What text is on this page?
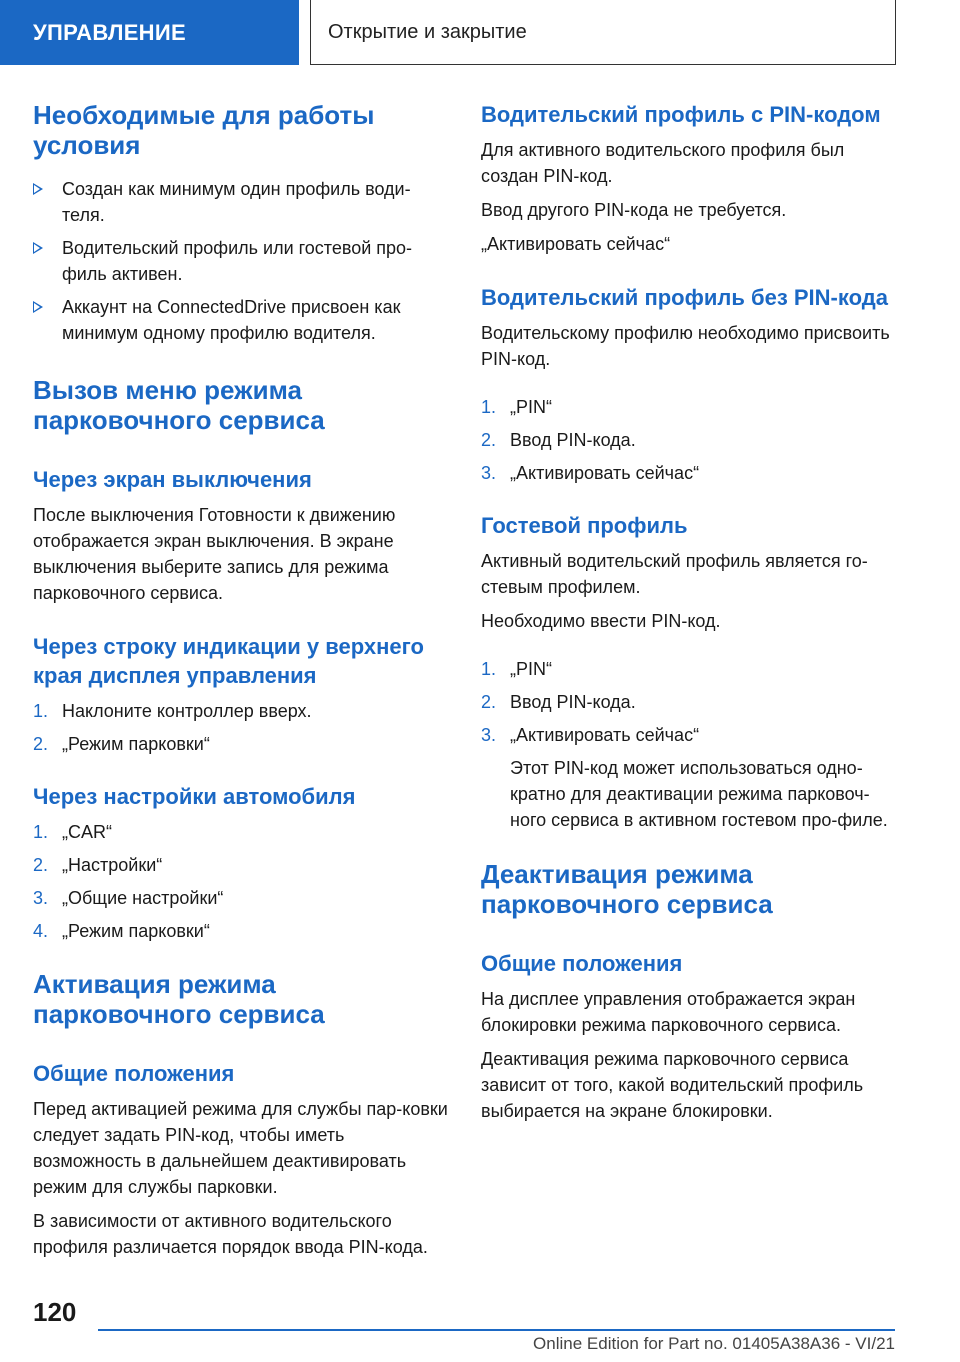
УПРАВЛЕНИЕ	Открытие и закрытие
Необходимые для работы условия
Создан как минимум один профиль води-теля.
Водительский профиль или гостевой про-филь активен.
Аккаунт на ConnectedDrive присвоен как минимум одному профилю водителя.
Вызов меню режима парковочного сервиса
Через экран выключения
После выключения Готовности к движению отображается экран выключения. В экране выключения выберите запись для режима парковочного сервиса.
Через строку индикации у верхнего края дисплея управления
1. Наклоните контроллер вверх.
2. „Режим парковки“
Через настройки автомобиля
1. „CAR“
2. „Настройки“
3. „Общие настройки“
4. „Режим парковки“
Активация режима парковочного сервиса
Общие положения
Перед активацией режима для службы пар-ковки следует задать PIN-код, чтобы иметь возможность в дальнейшем деактивировать режим для службы парковки.
В зависимости от активного водительского профиля различается порядок ввода PIN-кода.
Водительский профиль с PIN-кодом
Для активного водительского профиля был создан PIN-код.
Ввод другого PIN-кода не требуется.
„Активировать сейчас“
Водительский профиль без PIN-кода
Водительскому профилю необходимо присвоить PIN-код.
1. „PIN“
2. Ввод PIN-кода.
3. „Активировать сейчас“
Гостевой профиль
Активный водительский профиль является го-стевым профилем.
Необходимо ввести PIN-код.
1. „PIN“
2. Ввод PIN-кода.
3. „Активировать сейчас“
Этот PIN-код может использоваться одно-кратно для деактивации режима парковоч-ного сервиса в активном гостевом про-филе.
Деактивация режима парковочного сервиса
Общие положения
На дисплее управления отображается экран блокировки режима парковочного сервиса.
Деактивация режима парковочного сервиса зависит от того, какой водительский профиль выбирается на экране блокировки.
120
Online Edition for Part no. 01405A38A36 - VI/21
